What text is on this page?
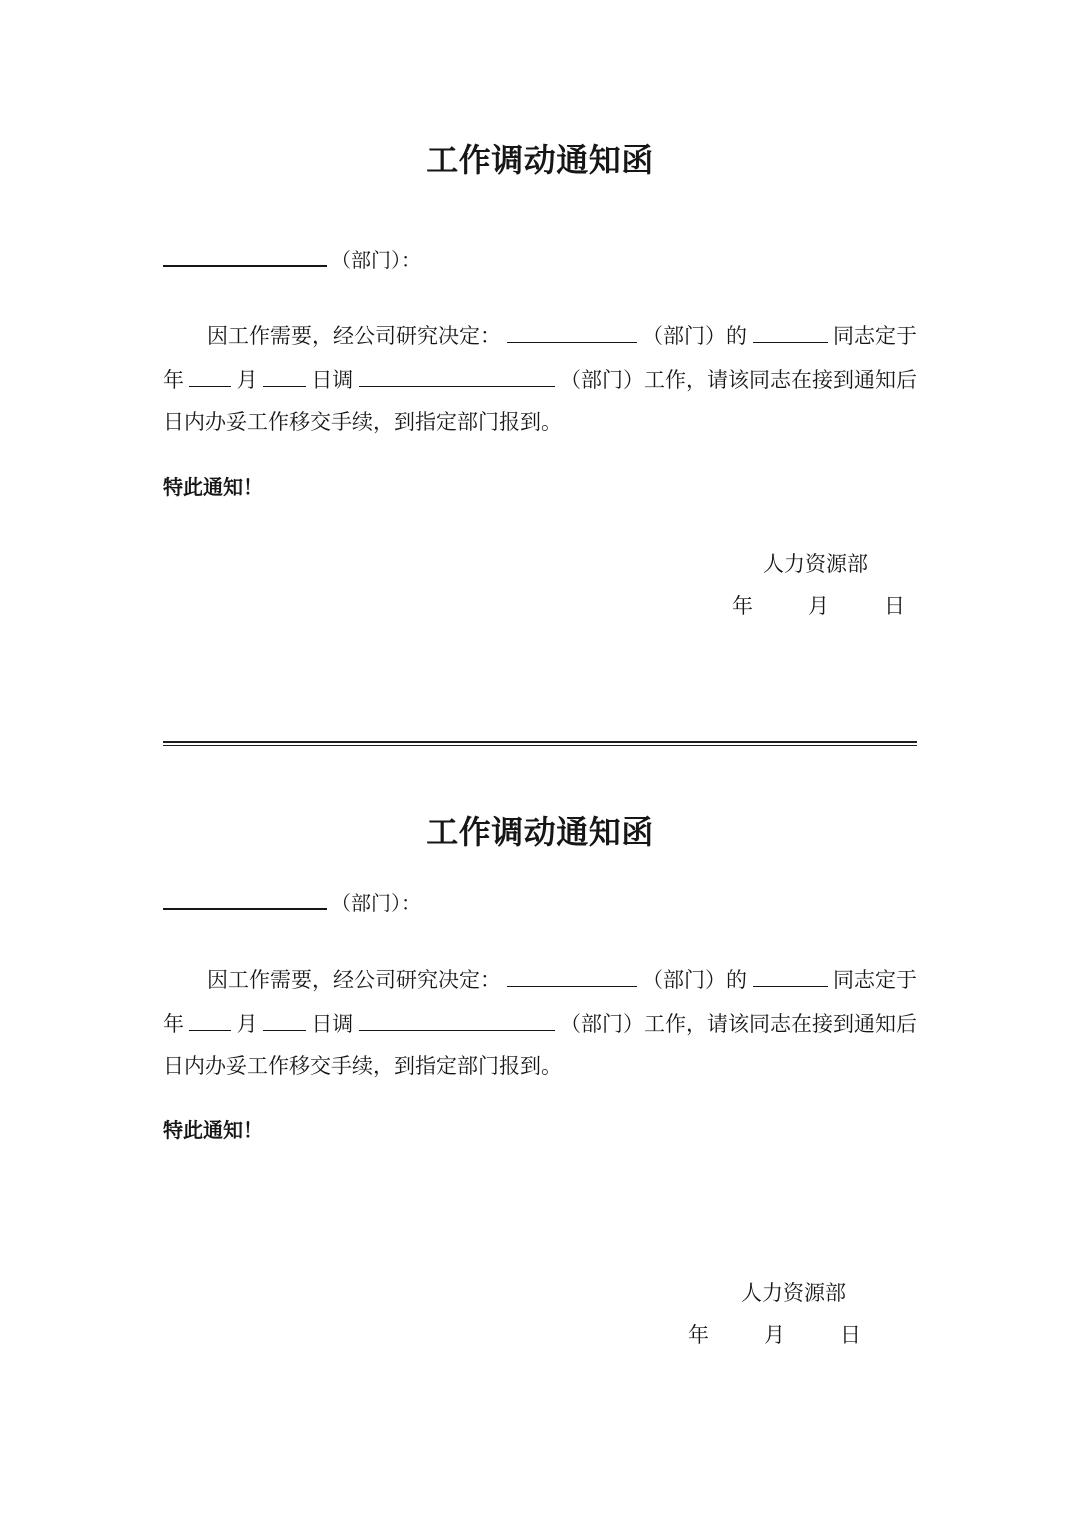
工作调动通知函
（部门）：
因工作需要，经公司研究决定：	（部门）的	同志定于
年	月	日调	（部门）工作，请该同志在接到通知后
日内办妥工作移交手续，到指定部门报到。
特此通知！
人力资源部
年	月	日
工作调动通知函
（部门）：
因工作需要，经公司研究决定：	（部门）的	同志定于
年	月	日调	（部门）工作，请该同志在接到通知后
日内办妥工作移交手续，到指定部门报到。
特此通知！
人力资源部
年	月	日
